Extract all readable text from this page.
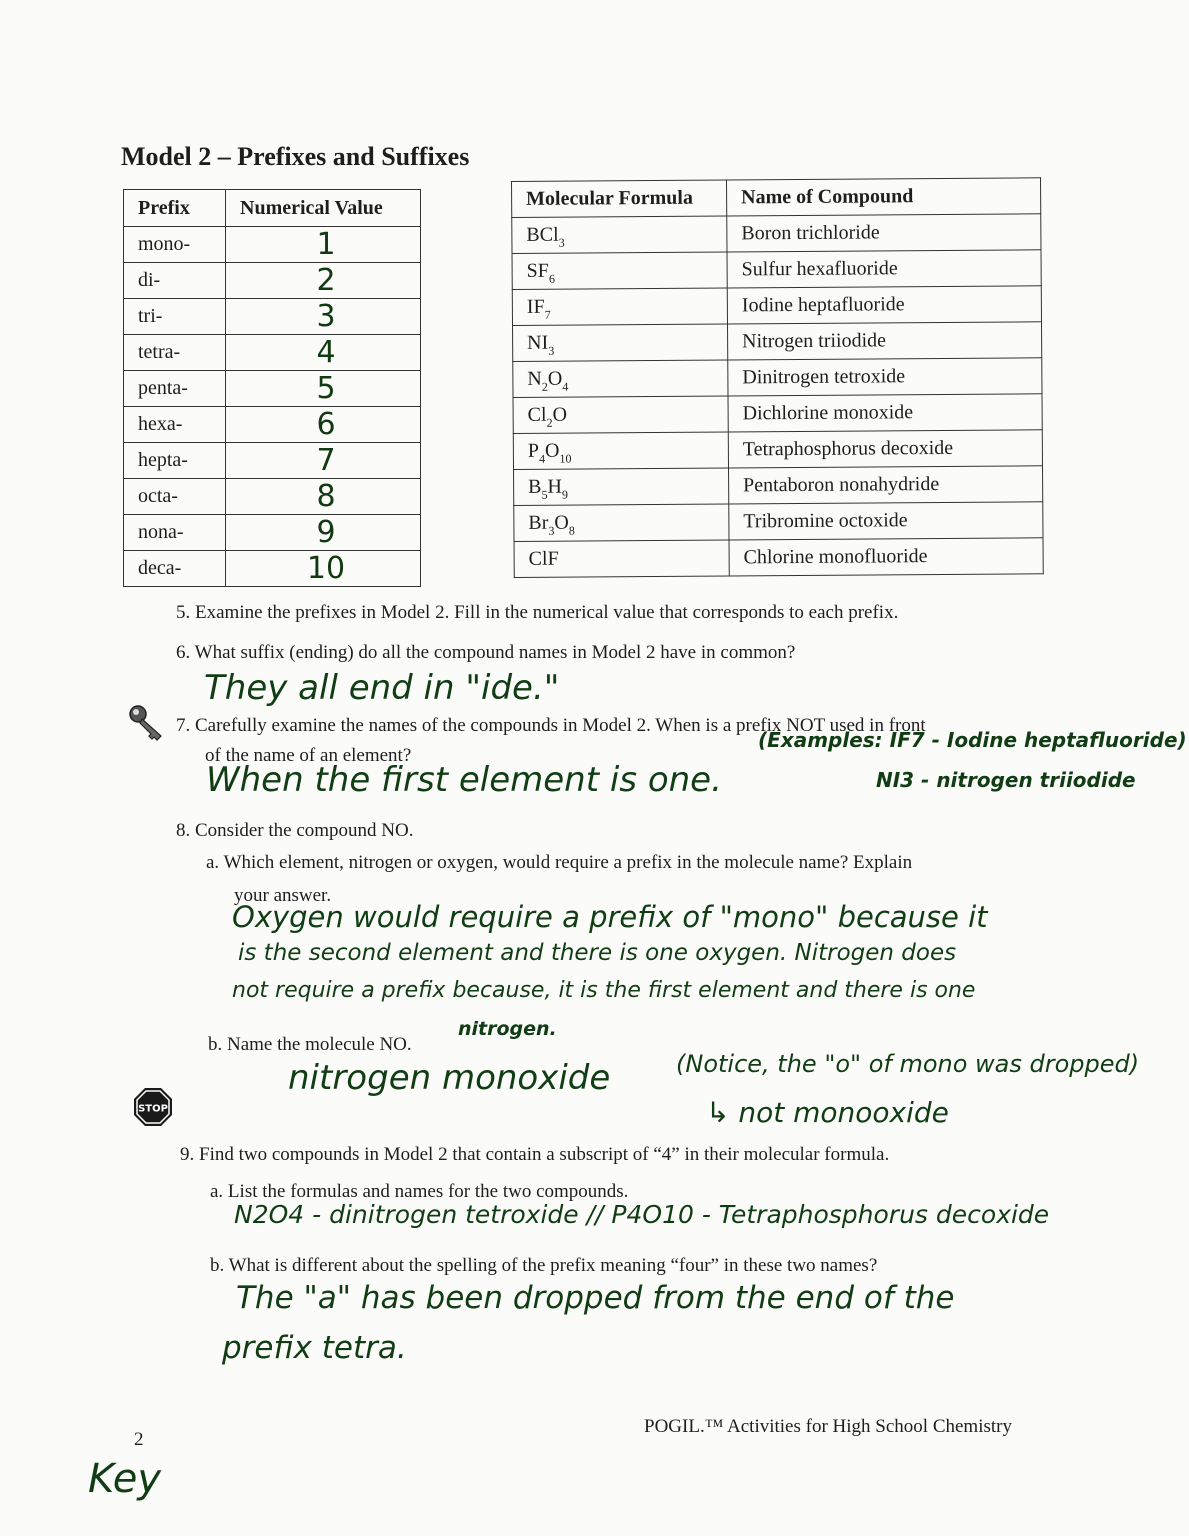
Model 2 – Prefixes and Suffixes
Prefix	Numerical Value
mono-	1
di-	2
tri-	3
tetra-	4
penta-	5
hexa-	6
hepta-	7
octa-	8
nona-	9
deca-	10
Molecular Formula	Name of Compound
BCl$_3$	Boron trichloride
$SF_6$	Sulfur hexafluoride
$IF_7$	Iodine heptafluoride
$NI_3$	Nitrogen triiodide
$N_2O_4$	Dinitrogen tetroxide
$Cl_2O$	Dichlorine monoxide
$P_4O_{10}$	Tetraphosphorus decoxide
$B_5H_9$	Pentaboron nonahydride
$Br_3O_8$	Tribromine octoxide
ClF	Chlorine monofluoride
5. Examine the prefixes in Model 2. Fill in the numerical value that corresponds to each prefix.
6. What suffix (ending) do all the compound names in Model 2 have in common?
They all end in "ide."
7. Carefully examine the names of the compounds in Model 2. When is a prefix NOT used in front
of the name of an element?
When the first element is one.
(Examples: IF7 - Iodine heptafluoride)
NI3 - nitrogen triiodide
8. Consider the compound NO.
a. Which element, nitrogen or oxygen, would require a prefix in the molecule name? Explain
your answer.
Oxygen would require a prefix of "mono" because it
is the second element and there is one oxygen. Nitrogen does
not require a prefix because, it is the first element and there is one
nitrogen.
b. Name the molecule NO.
STOP
nitrogen monoxide	(Notice, the "o" of mono was dropped)
↳ not monooxide
9. Find two compounds in Model 2 that contain a subscript of “4” in their molecular formula.
a. List the formulas and names for the two compounds.
N2O4 - dinitrogen tetroxide // P4O10 - Tetraphosphorus decoxide
b. What is different about the spelling of the prefix meaning “four” in these two names?
The "a" has been dropped from the end of the
prefix tetra.
2
POGIL.™ Activities for High School Chemistry
Key
